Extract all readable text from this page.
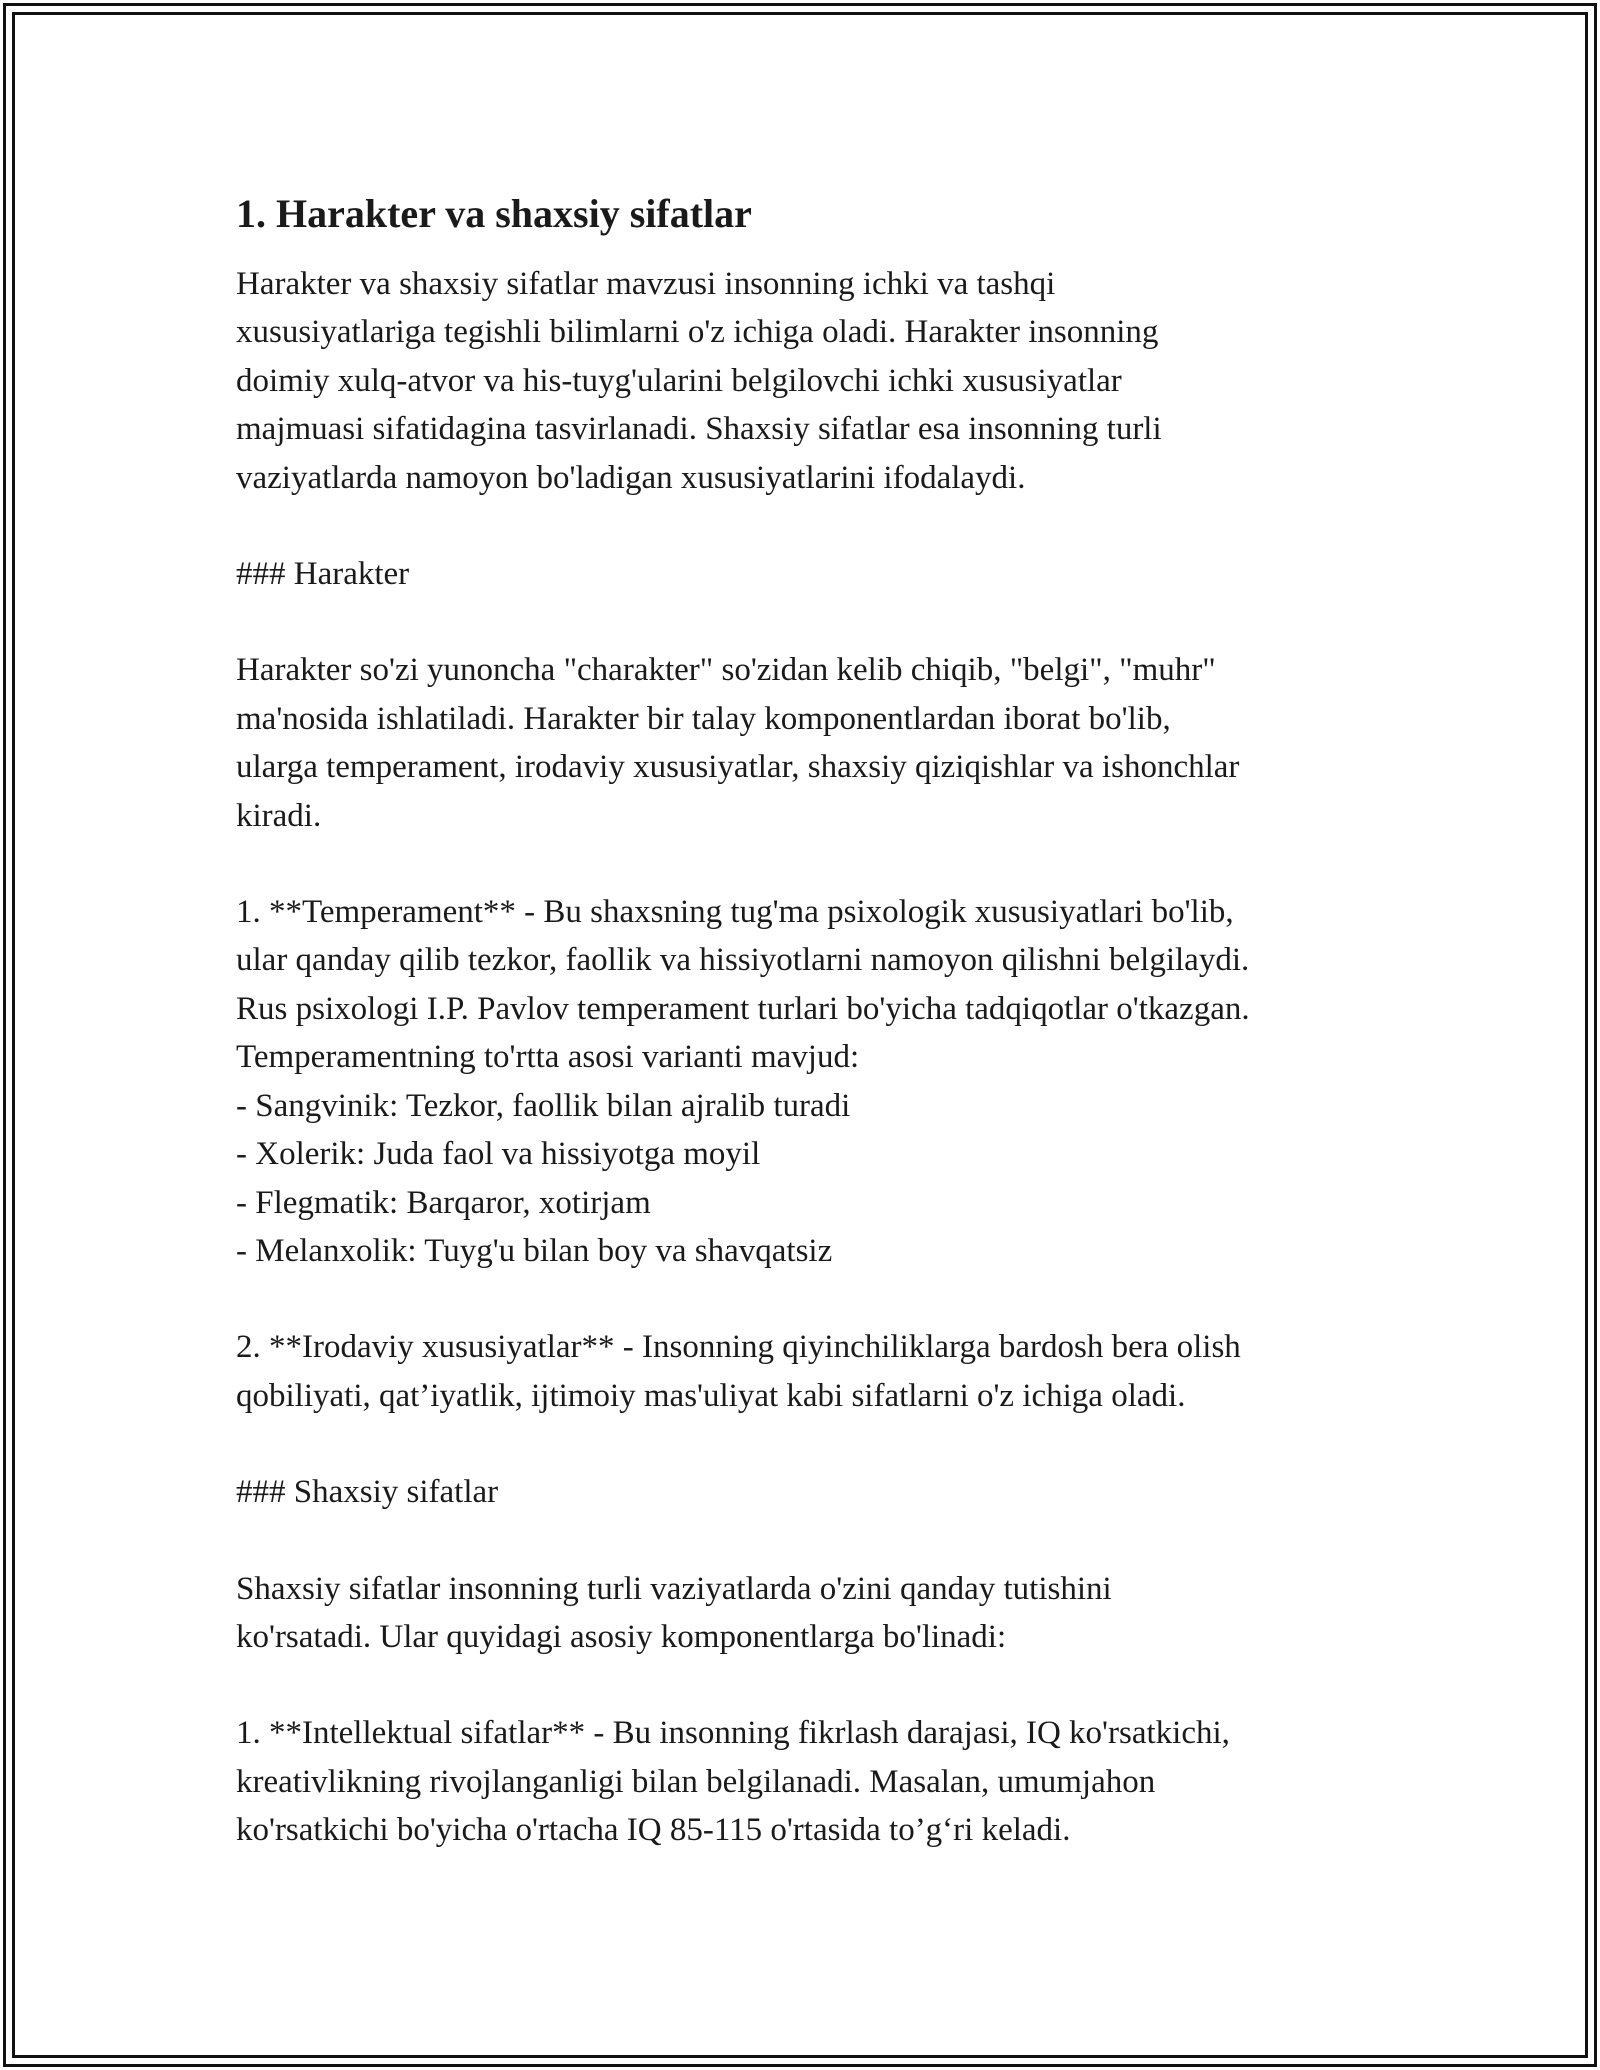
1. Harakter va shaxsiy sifatlar

Harakter va shaxsiy sifatlar mavzusi insonning ichki va tashqi
xususiyatlariga tegishli bilimlarni o'z ichiga oladi. Harakter insonning
doimiy xulq-atvor va his-tuyg'ularini belgilovchi ichki xususiyatlar
majmuasi sifatidagina tasvirlanadi. Shaxsiy sifatlar esa insonning turli
vaziyatlarda namoyon bo'ladigan xususiyatlarini ifodalaydi.

### Harakter

Harakter so'zi yunoncha "charakter" so'zidan kelib chiqib, "belgi", "muhr"
ma'nosida ishlatiladi. Harakter bir talay komponentlardan iborat bo'lib,
ularga temperament, irodaviy xususiyatlar, shaxsiy qiziqishlar va ishonchlar
kiradi.

1. **Temperament** - Bu shaxsning tug'ma psixologik xususiyatlari bo'lib,
ular qanday qilib tezkor, faollik va hissiyotlarni namoyon qilishni belgilaydi.
Rus psixologi I.P. Pavlov temperament turlari bo'yicha tadqiqotlar o'tkazgan.
Temperamentning to'rtta asosi varianti mavjud:
- Sangvinik: Tezkor, faollik bilan ajralib turadi
- Xolerik: Juda faol va hissiyotga moyil
- Flegmatik: Barqaror, xotirjam
- Melanxolik: Tuyg'u bilan boy va shavqatsiz

2. **Irodaviy xususiyatlar** - Insonning qiyinchiliklarga bardosh bera olish
qobiliyati, qat’iyatlik, ijtimoiy mas'uliyat kabi sifatlarni o'z ichiga oladi.

### Shaxsiy sifatlar

Shaxsiy sifatlar insonning turli vaziyatlarda o'zini qanday tutishini
ko'rsatadi. Ular quyidagi asosiy komponentlarga bo'linadi:

1. **Intellektual sifatlar** - Bu insonning fikrlash darajasi, IQ ko'rsatkichi,
kreativlikning rivojlanganligi bilan belgilanadi. Masalan, umumjahon
ko'rsatkichi bo'yicha o'rtacha IQ 85-115 o'rtasida to’g‘ri keladi.
